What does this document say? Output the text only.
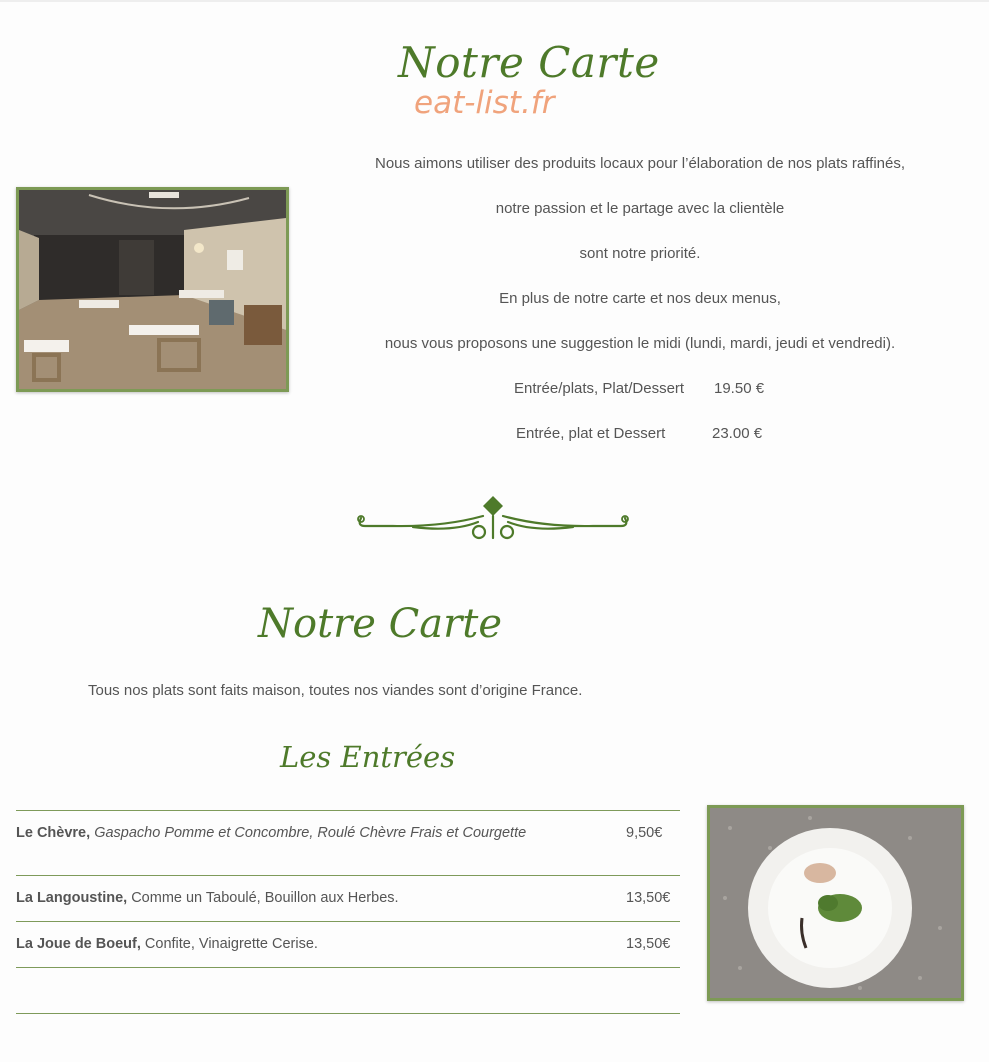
Notre Carte
eat-list.fr
Nous aimons utiliser des produits locaux pour l’élaboration de nos plats raffinés,
notre passion et le partage avec la clientèle
sont notre priorité.
En plus de notre carte et nos deux menus,
nous vous proposons une suggestion le midi (lundi, mardi, jeudi et vendredi).
Entrée/plats, Plat/Dessert 19.50 €
Entrée, plat et Dessert	23.00 €
Notre Carte
Tous nos plats sont faits maison, toutes nos viandes sont d’origine France.
Les Entrées
Le Chèvre, Gaspacho Pomme et Concombre, Roulé Chèvre Frais et Courgette	9,50€
La Langoustine, Comme un Taboulé, Bouillon aux Herbes.	13,50€
La Joue de Boeuf, Confite, Vinaigrette Cerise.	13,50€
